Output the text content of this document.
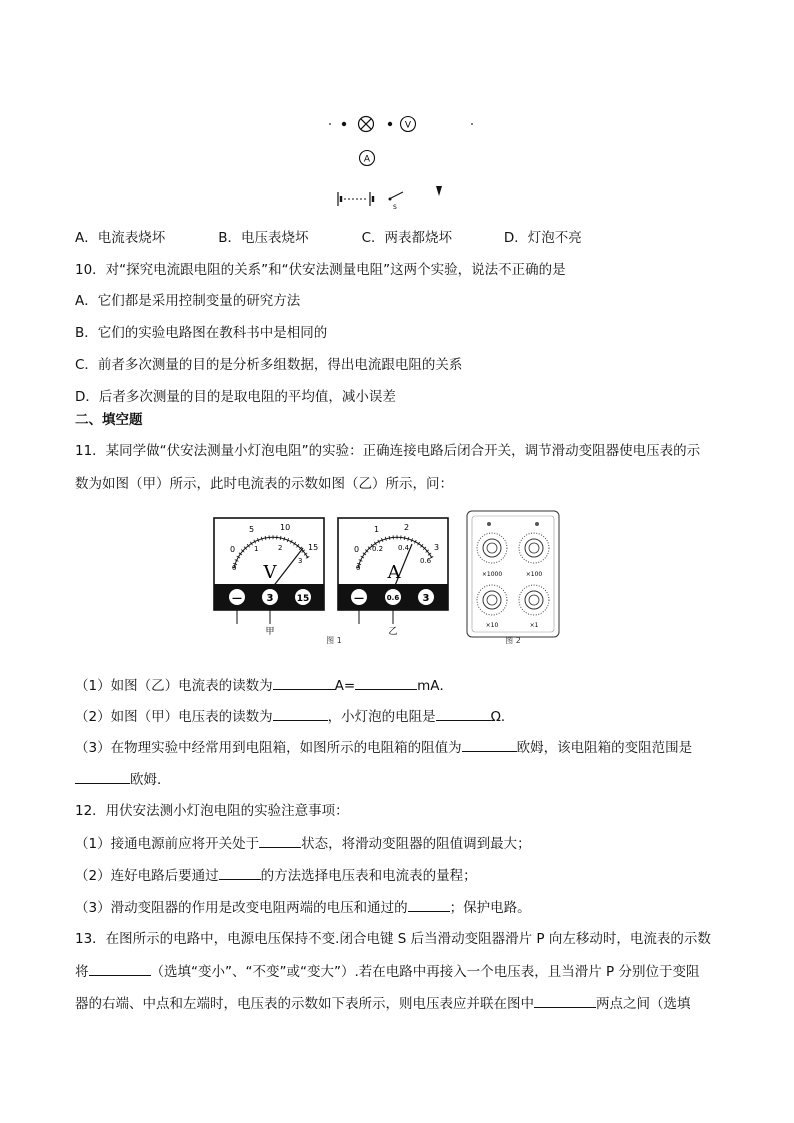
V
A
S
A．电流表烧坏	B．电压表烧坏	C．两表都烧坏	D．灯泡不亮
10．对“探究电流跟电阻的关系”和“伏安法测量电阻”这两个实验，说法不正确的是
A．它们都是采用控制变量的研究方法
B．它们的实验电路图在教科书中是相同的
C．前者多次测量的目的是分析多组数据，得出电流跟电阻的关系
D．后者多次测量的目的是取电阻的平均值，减小误差
二、填空题
11．某同学做“伏安法测量小灯泡电阻”的实验：正确连接电路后闭合开关，调节滑动变阻器使电压表的示
数为如图（甲）所示，此时电流表的示数如图（乙）所示，问：
0
5	10
15
0
1	2
3
V
— 3	15
甲
0
1	2
3
0
0.2 0.4
0.6
A
—	0.6 3
乙
图 1
×1000	×100
×10	×1
图 2
（1）如图（乙）电流表的读数为	A=	mA．
（2）如图（甲）电压表的读数为	，小灯泡的电阻是	Ω．
（3）在物理实验中经常用到电阻箱，如图所示的电阻箱的阻值为	欧姆，该电阻箱的变阻范围是
欧姆．
12．用伏安法测小灯泡电阻的实验注意事项：
（1）接通电源前应将开关处于	状态，将滑动变阻器的阻值调到最大；
（2）连好电路后要通过	的方法选择电压表和电流表的量程；
（3）滑动变阻器的作用是改变电阻两端的电压和通过的	；保护电路。
13．在图所示的电路中，电源电压保持不变.闭合电键 S 后当滑动变阻器滑片 P 向左移动时，电流表的示数
将	（选填“变小”、“不变”或“变大”）.若在电路中再接入一个电压表，且当滑片 P 分别位于变阻
器的右端、中点和左端时，电压表的示数如下表所示，则电压表应并联在图中	两点之间（选填
